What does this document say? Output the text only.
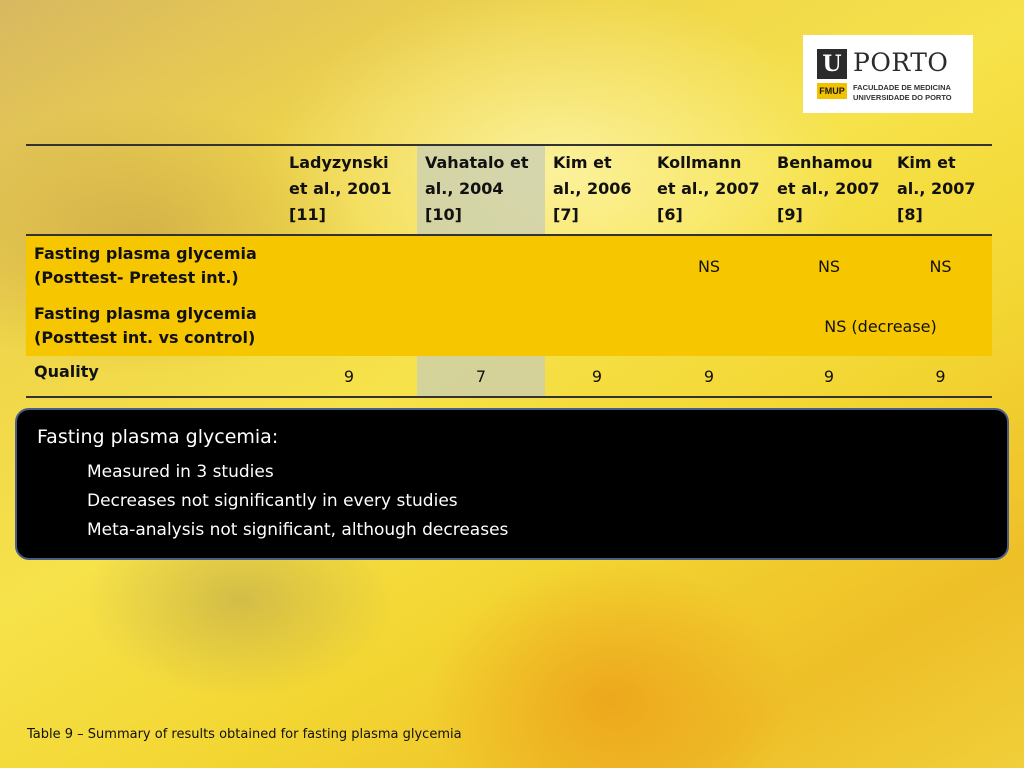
U PORTO
FMUP	FACULDADE DE MEDICINA
UNIVERSIDADE DO PORTO
	Ladyzynski et al., 2001 [11]	Vahatalo et al., 2004 [10]	Kim et al., 2006 [7]	Kollmann et al., 2007 [6]	Benhamou et al., 2007 [9]	Kim et al., 2007 [8]
Fasting plasma glycemia (Posttest- Pretest int.)				NS	NS	NS
Fasting plasma glycemia (Posttest int. vs control)					NS (decrease)	
Quality	9	7	9	9	9	9
Fasting plasma glycemia:
Measured in 3 studies
Decreases not significantly in every studies
Meta-analysis not significant, although decreases
Table 9 – Summary of results obtained for fasting plasma glycemia
